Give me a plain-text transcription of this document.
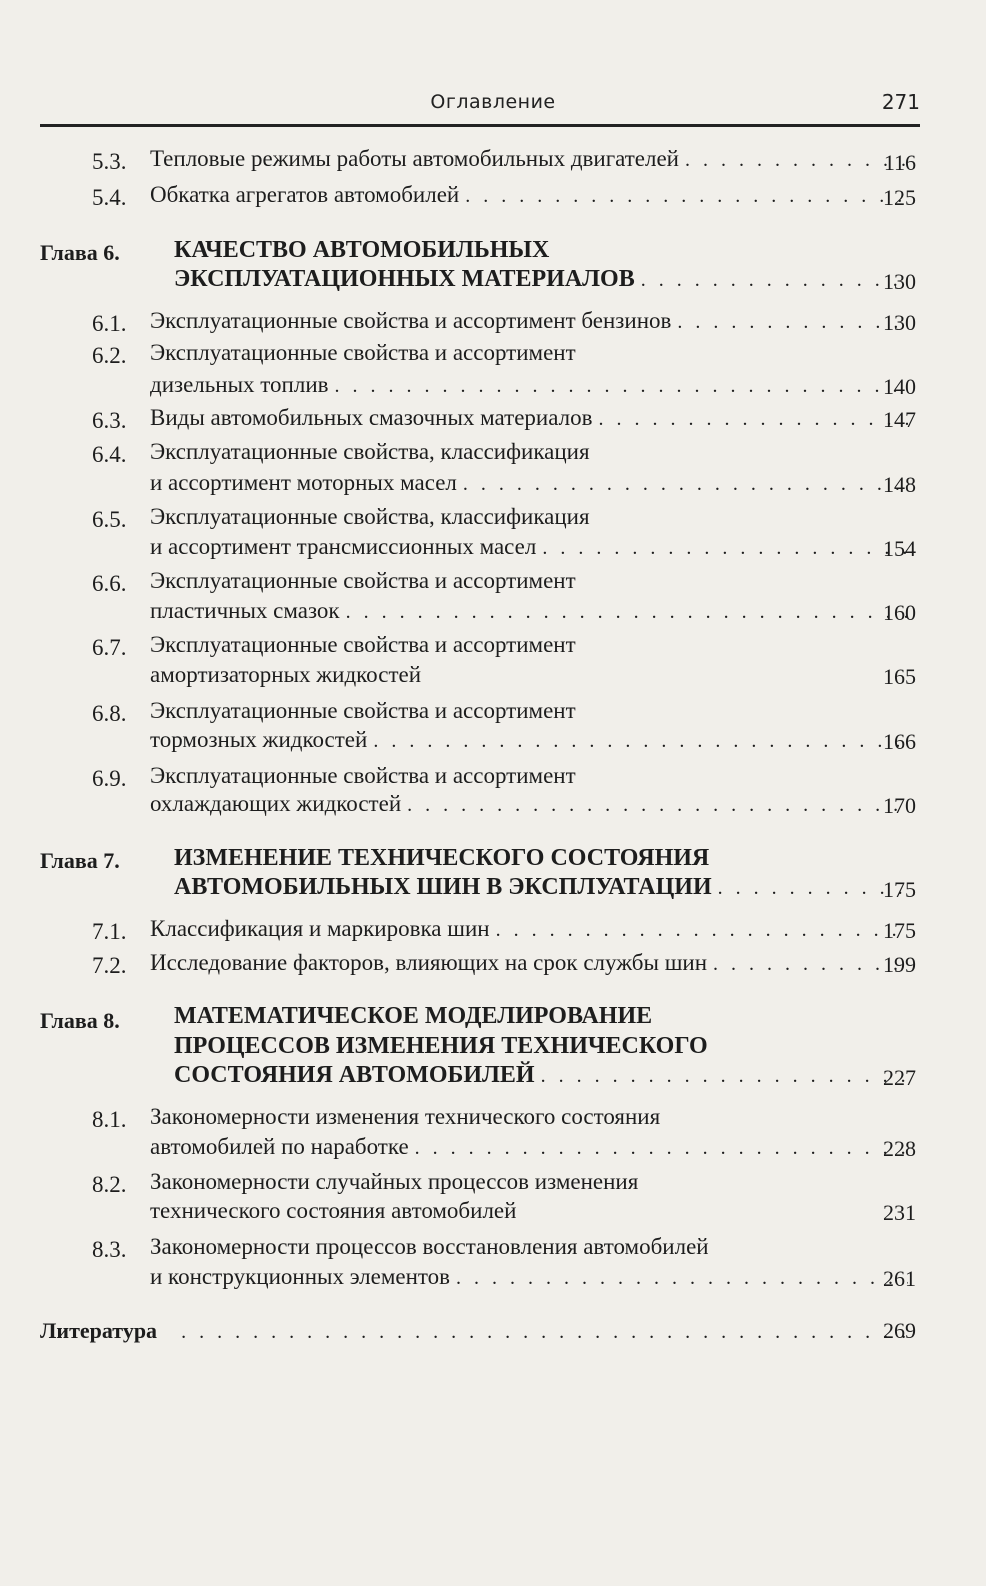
Оглавление	271
5.3. Тепловые режимы работы автомобильных двигателей . . .	116
5.4. Обкатка агрегатов автомобилей . . .	125
Глава 6. КАЧЕСТВО АВТОМОБИЛЬНЫХ
ЭКСПЛУАТАЦИОННЫХ МАТЕРИАЛОВ . . .	130
6.1. Эксплуатационные свойства и ассортимент бензинов . . .	130
6.2. Эксплуатационные свойства и ассортимент
дизельных топлив . . .	140
6.3. Виды автомобильных смазочных материалов . . .	147
6.4. Эксплуатационные свойства, классификация
и ассортимент моторных масел . . .	148
6.5. Эксплуатационные свойства, классификация
и ассортимент трансмиссионных масел . . .	154
6.6. Эксплуатационные свойства и ассортимент
пластичных смазок . . .	160
6.7. Эксплуатационные свойства и ассортимент
амортизаторных жидкостей	165
6.8. Эксплуатационные свойства и ассортимент
тормозных жидкостей . . .	166
6.9. Эксплуатационные свойства и ассортимент
охлаждающих жидкостей . . .	170
Глава 7. ИЗМЕНЕНИЕ ТЕХНИЧЕСКОГО СОСТОЯНИЯ
АВТОМОБИЛЬНЫХ ШИН В ЭКСПЛУАТАЦИИ . . .	175
7.1. Классификация и маркировка шин . . .	175
7.2. Исследование факторов, влияющих на срок службы шин . . .	199
Глава 8. МАТЕМАТИЧЕСКОЕ МОДЕЛИРОВАНИЕ
ПРОЦЕССОВ ИЗМЕНЕНИЯ ТЕХНИЧЕСКОГО
СОСТОЯНИЯ АВТОМОБИЛЕЙ . . .	227
8.1. Закономерности изменения технического состояния
автомобилей по наработке . . .	228
8.2. Закономерности случайных процессов изменения
технического состояния автомобилей	231
8.3. Закономерности процессов восстановления автомобилей
и конструкционных элементов . . .	261
Литература . . .	269
